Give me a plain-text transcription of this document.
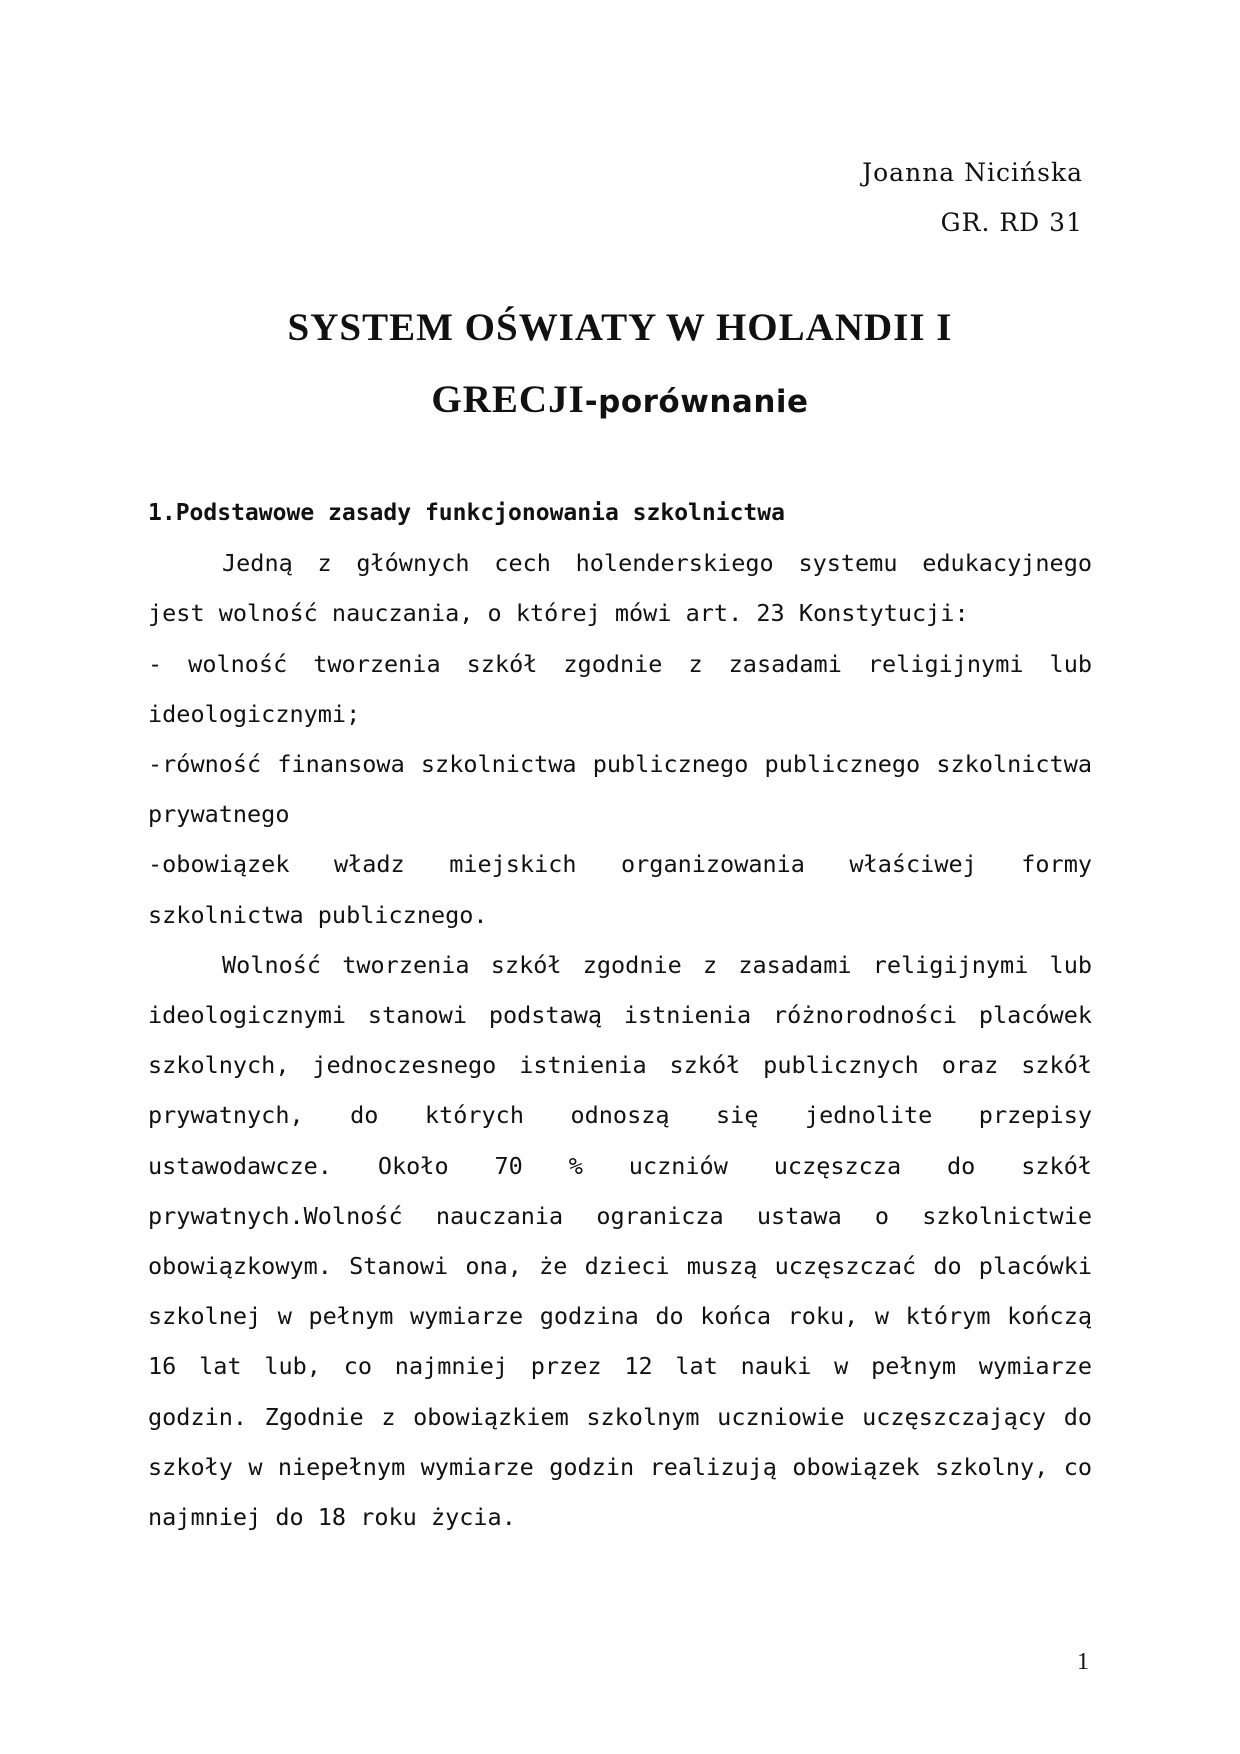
Joanna Nicińska
GR. RD 31
SYSTEM OŚWIATY W HOLANDII I
GRECJI-porównanie

1.Podstawowe zasady funkcjonowania szkolnictwa

Jedną z głównych cech holenderskiego systemu edukacyjnego jest wolność nauczania, o której mówi art. 23 Konstytucji:

- wolność tworzenia szkół zgodnie z zasadami religijnymi lub ideologicznymi;

-równość finansowa szkolnictwa publicznego publicznego szkolnictwa prywatnego

-obowiązek władz miejskich organizowania właściwej formy szkolnictwa publicznego.

Wolność tworzenia szkół zgodnie z zasadami religijnymi lub ideologicznymi stanowi podstawą istnienia różnorodności placówek szkolnych, jednoczesnego istnienia szkół publicznych oraz szkół prywatnych, do których odnoszą się jednolite przepisy ustawodawcze. Około 70 % uczniów uczęszcza do szkół prywatnych.Wolność nauczania ogranicza ustawa o szkolnictwie obowiązkowym. Stanowi ona, że dzieci muszą uczęszczać do placówki szkolnej w pełnym wymiarze godzina do końca roku, w którym kończą 16 lat lub, co najmniej przez 12 lat nauki w pełnym wymiarze godzin. Zgodnie z obowiązkiem szkolnym uczniowie uczęszczający do szkoły w niepełnym wymiarze godzin realizują obowiązek szkolny, co najmniej do 18 roku życia.

1
